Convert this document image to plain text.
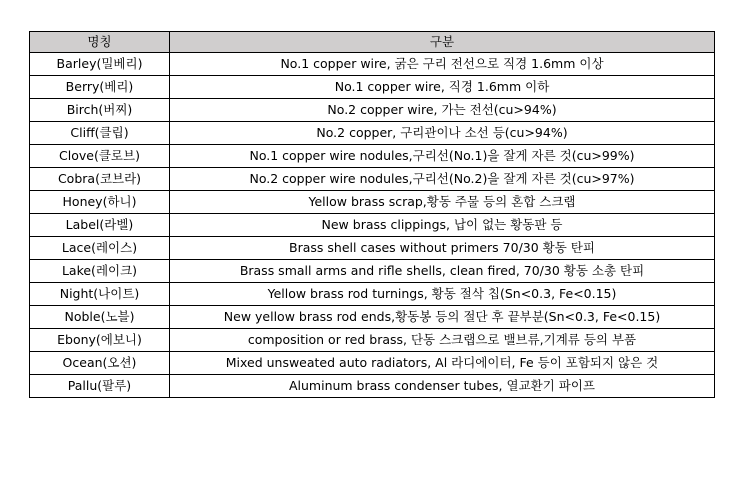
명칭	구분
Barley(밀베리)	No.1 copper wire, 굵은 구리 전선으로 직경 1.6mm 이상
Berry(베리)	No.1 copper wire, 직경 1.6mm 이하
Birch(버찌)	No.2 copper wire, 가는 전선(cu>94%)
Cliff(클립)	No.2 copper, 구리관이나 소선 등(cu>94%)
Clove(클로브)	No.1 copper wire nodules,구리선(No.1)을 잘게 자른 것(cu>99%)
Cobra(코브라)	No.2 copper wire nodules,구리선(No.2)을 잘게 자른 것(cu>97%)
Honey(하니)	Yellow brass scrap,황동 주물 등의 혼합 스크랩
Label(라벨)	New brass clippings, 납이 없는 황동판 등
Lace(레이스)	Brass shell cases without primers 70/30 황동 탄피
Lake(레이크)	Brass small arms and rifle shells, clean fired, 70/30 황동 소총 탄피
Night(나이트)	Yellow brass rod turnings, 황동 절삭 칩(Sn<0.3, Fe<0.15)
Noble(노블)	New yellow brass rod ends,황동봉 등의 절단 후 끝부분(Sn<0.3, Fe<0.15)
Ebony(에보니)	composition or red brass, 단동 스크랩으로 밸브류,기계류 등의 부품
Ocean(오션)	Mixed unsweated auto radiators, Al 라디에이터, Fe 등이 포함되지 않은 것
Pallu(팔루)	Aluminum brass condenser tubes, 열교환기 파이프
